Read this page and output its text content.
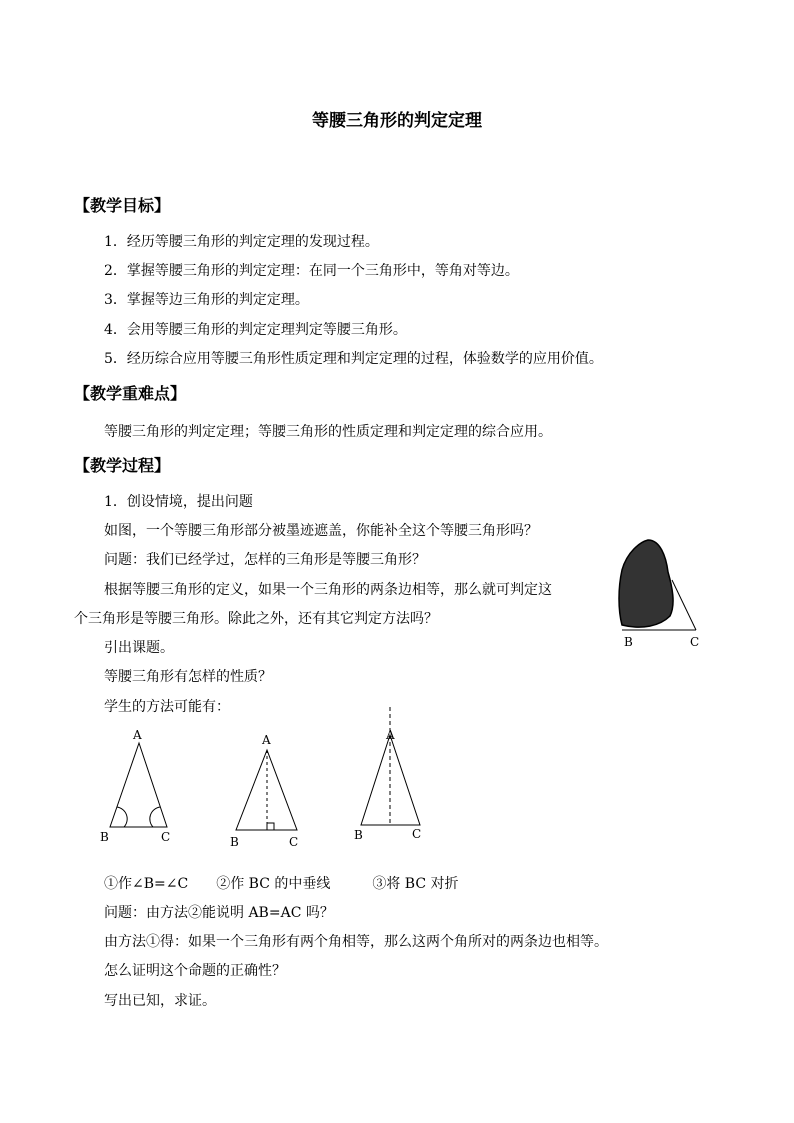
等腰三角形的判定定理
【教学目标】
1．经历等腰三角形的判定定理的发现过程。
2．掌握等腰三角形的判定定理：在同一个三角形中，等角对等边。
3．掌握等边三角形的判定定理。
4．会用等腰三角形的判定定理判定等腰三角形。
5．经历综合应用等腰三角形性质定理和判定定理的过程，体验数学的应用价值。
【教学重难点】
等腰三角形的判定定理；等腰三角形的性质定理和判定定理的综合应用。
【教学过程】
1．创设情境，提出问题
如图，一个等腰三角形部分被墨迹遮盖，你能补全这个等腰三角形吗？
问题：我们已经学过，怎样的三角形是等腰三角形？
根据等腰三角形的定义，如果一个三角形的两条边相等，那么就可判定这
个三角形是等腰三角形。除此之外，还有其它判定方法吗？
引出课题。
等腰三角形有怎样的性质？
学生的方法可能有：
B	C
A
B	C
A
B	C
A
B	C
①作∠B=∠C　　②作 BC 的中垂线　　　③将 BC 对折
问题：由方法②能说明 AB=AC 吗？
由方法①得：如果一个三角形有两个角相等，那么这两个角所对的两条边也相等。
怎么证明这个命题的正确性？
写出已知，求证。
